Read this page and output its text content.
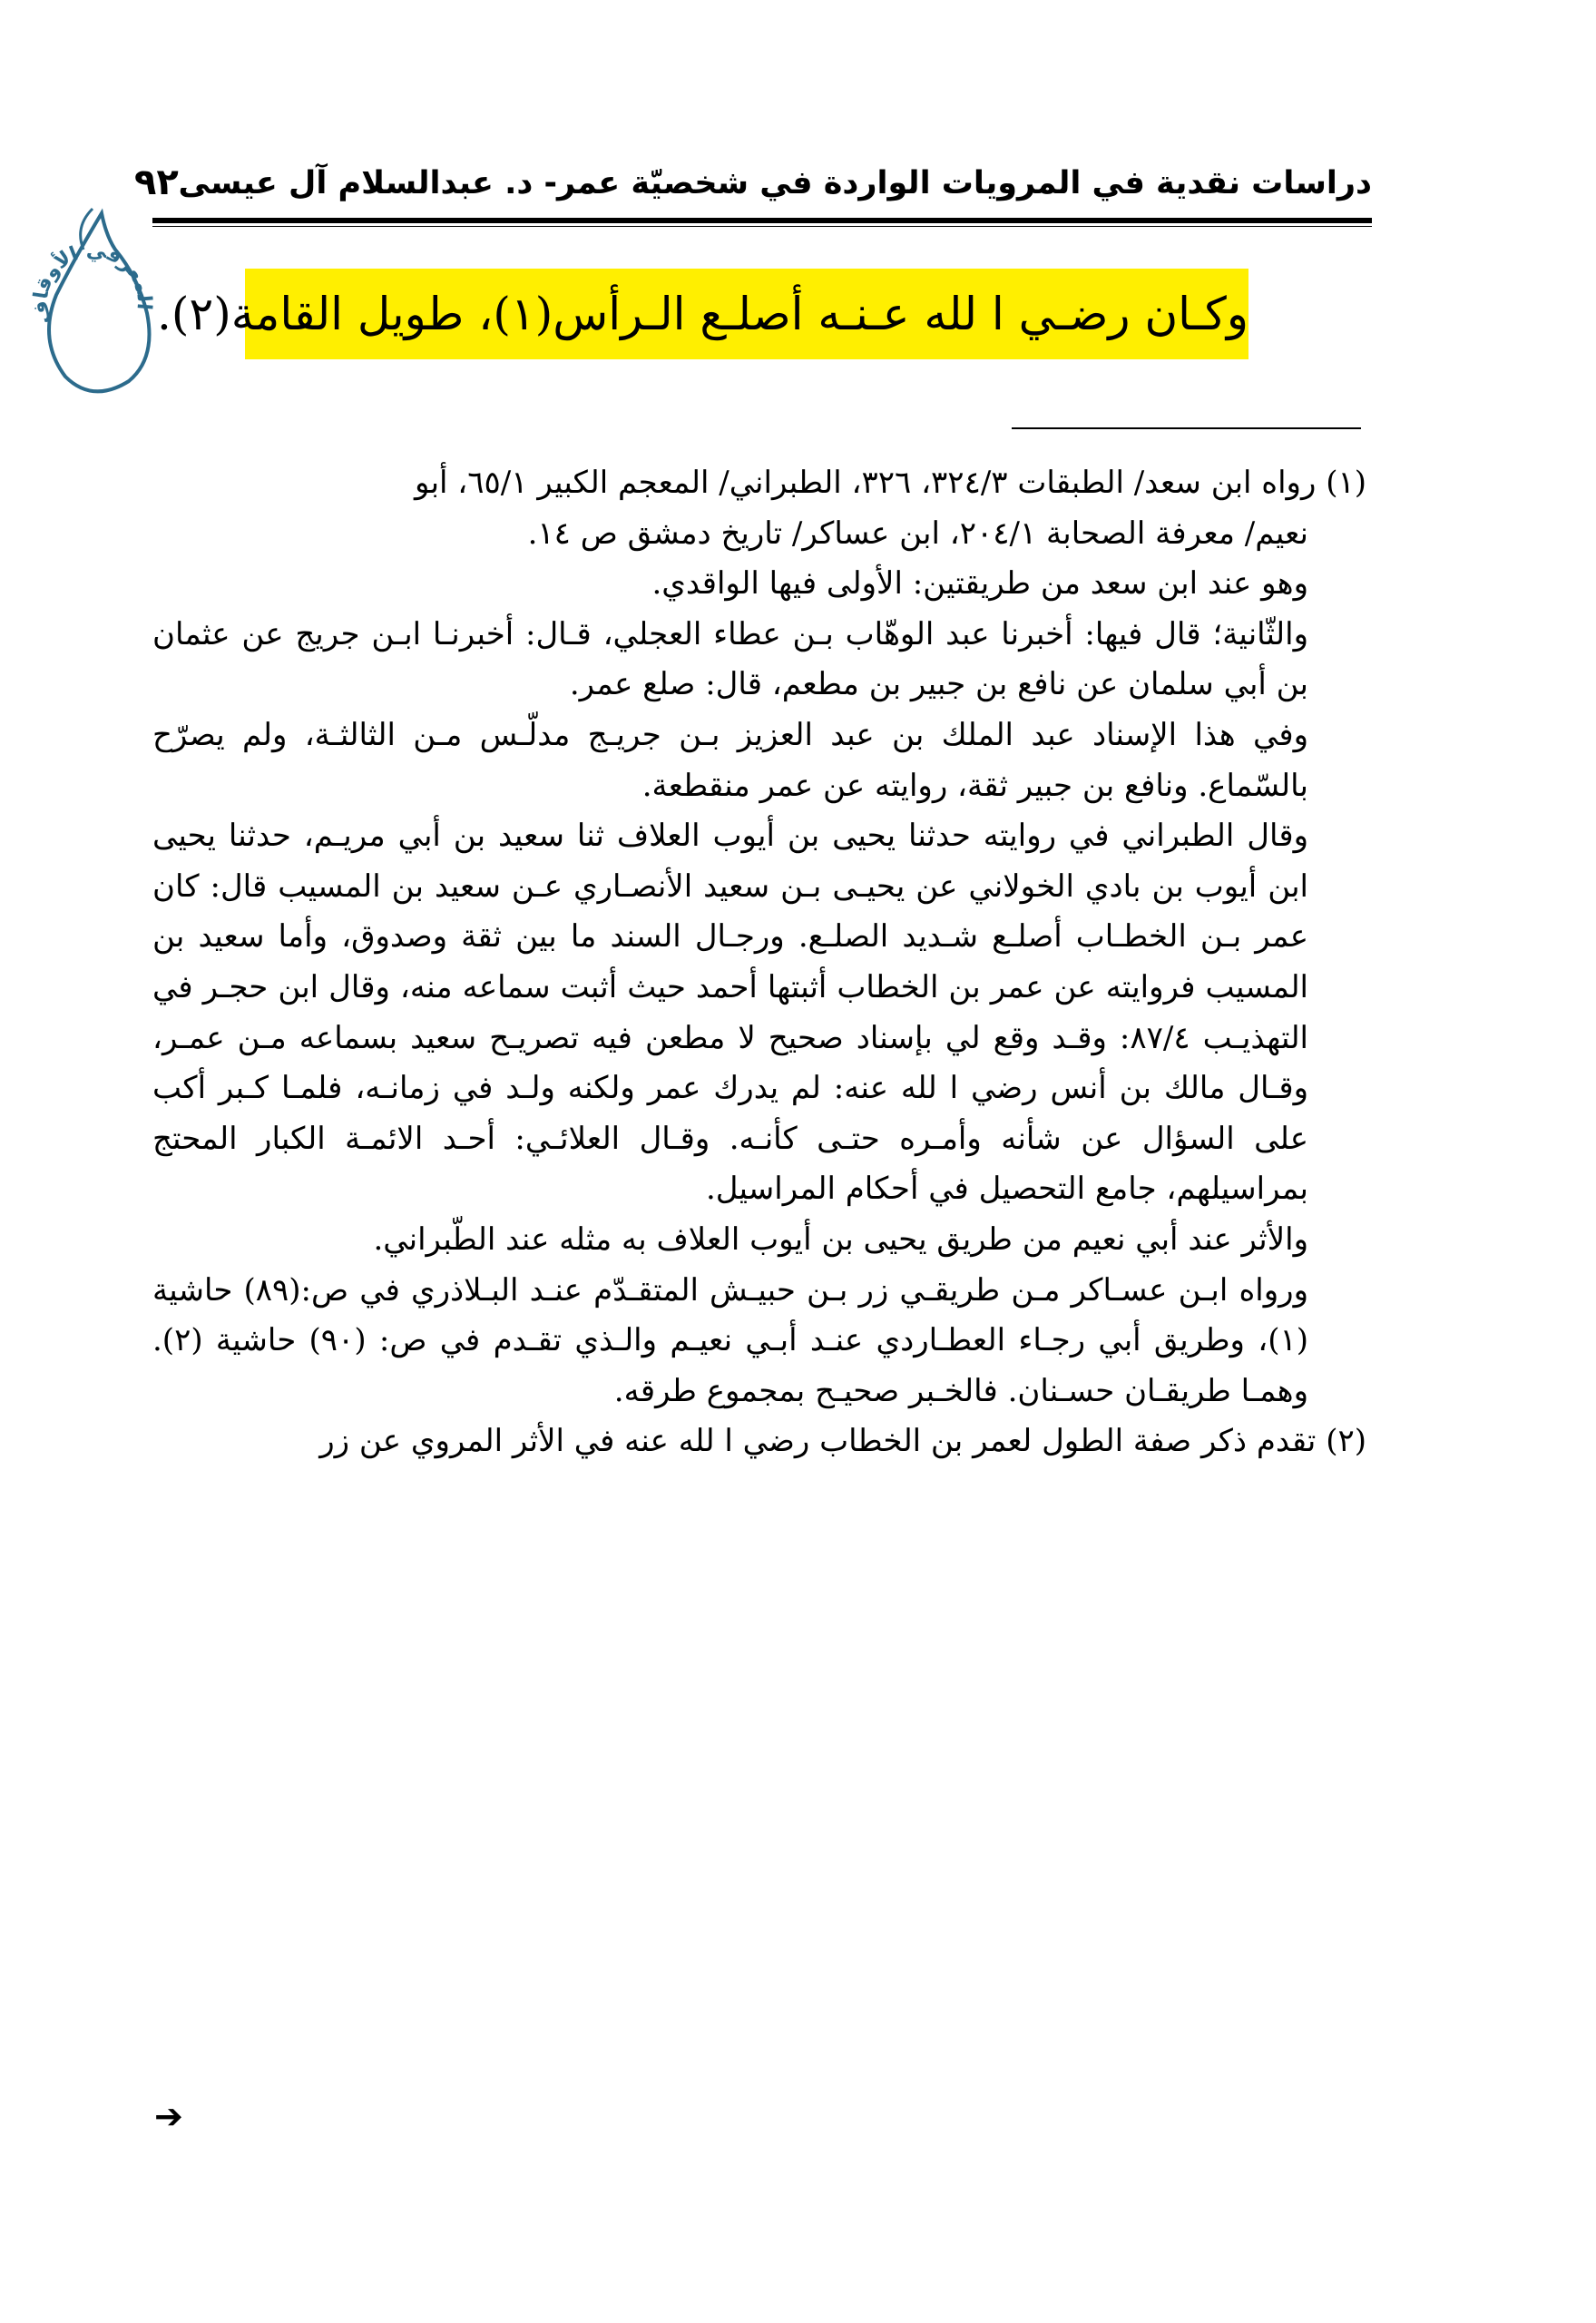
دراسات نقدية في المرويات الواردة في شخصيّة عمر- د. عبدالسلام آل عيسى
٩٢
المعرفي الأوقاف وكـان رضـي ا لله عـنـه أصلـع الـرأس(١)، طويل القامة(٢).

(١) رواه ابن سعد/ الطبقات ٣٢٤/٣، ٣٢٦، الطبراني/ المعجم الكبير ٦٥/١، أبو

نعيم/ معرفة الصحابة ٢٠٤/١، ابن عساكر/ تاريخ دمشق ص ١٤.

وهو عند ابن سعد من طريقتين: الأولى فيها الواقدي.

والثّانية؛ قال فيها: أخبرنا عبد الوهّاب بـن عطاء العجلي، قـال: أخبرنـا ابـن جريج عن عثمان بن أبي سلمان عن نافع بن جبير بن مطعم، قال: صلع عمر.

وفي هذا الإسناد عبد الملك بن عبد العزيز بـن جريـج مدلّـس مـن الثالثـة، ولم يصرّح بالسّماع. ونافع بن جبير ثقة، روايته عن عمر منقطعة.

وقال الطبراني في روايته حدثنا يحيى بن أيوب العلاف ثنا سعيد بن أبي مريـم، حدثنا يحيى ابن أيوب بن بادي الخولاني عن يحيـى بـن سعيد الأنصـاري عـن سعيد بن المسيب قال: كان عمر بـن الخطـاب أصلـع شـديد الصلـع. ورجـال السند ما بين ثقة وصدوق، وأما سعيد بن المسيب فروايته عن عمر بن الخطاب أثبتها أحمد حيث أثبت سماعه منه، وقال ابن حجـر في التهذيـب ٨٧/٤: وقـد وقع لي بإسناد صحيح لا مطعن فيه تصريـح سعيد بسماعه مـن عمـر، وقـال مالك بن أنس رضي ا لله عنه: لم يدرك عمر ولكنه ولـد في زمانـه، فلمـا كـبر أكب على السؤال عن شأنه وأمـره حتـى كأنـه. وقـال العلائـي: أحـد الائمـة الكبار المحتج بمراسيلهم، جامع التحصيل في أحكام المراسيل.

والأثر عند أبي نعيم من طريق يحيى بن أيوب العلاف به مثله عند الطّبراني.

ورواه ابـن عسـاكر مـن طريقـي زر بـن حبيـش المتقـدّم عنـد البـلاذري في ص:(٨٩) حاشية (١)، وطريق أبي رجـاء العطـاردي عنـد أبـي نعيـم والـذي تقـدم في ص: (٩٠) حاشية (٢). وهمـا طريقـان حسـنان. فالخـبر صحيـح بمجموع طرقه.

(٢) تقدم ذكر صفة الطول لعمر بن الخطاب رضي ا لله عنه في الأثر المروي عن زر

➔
